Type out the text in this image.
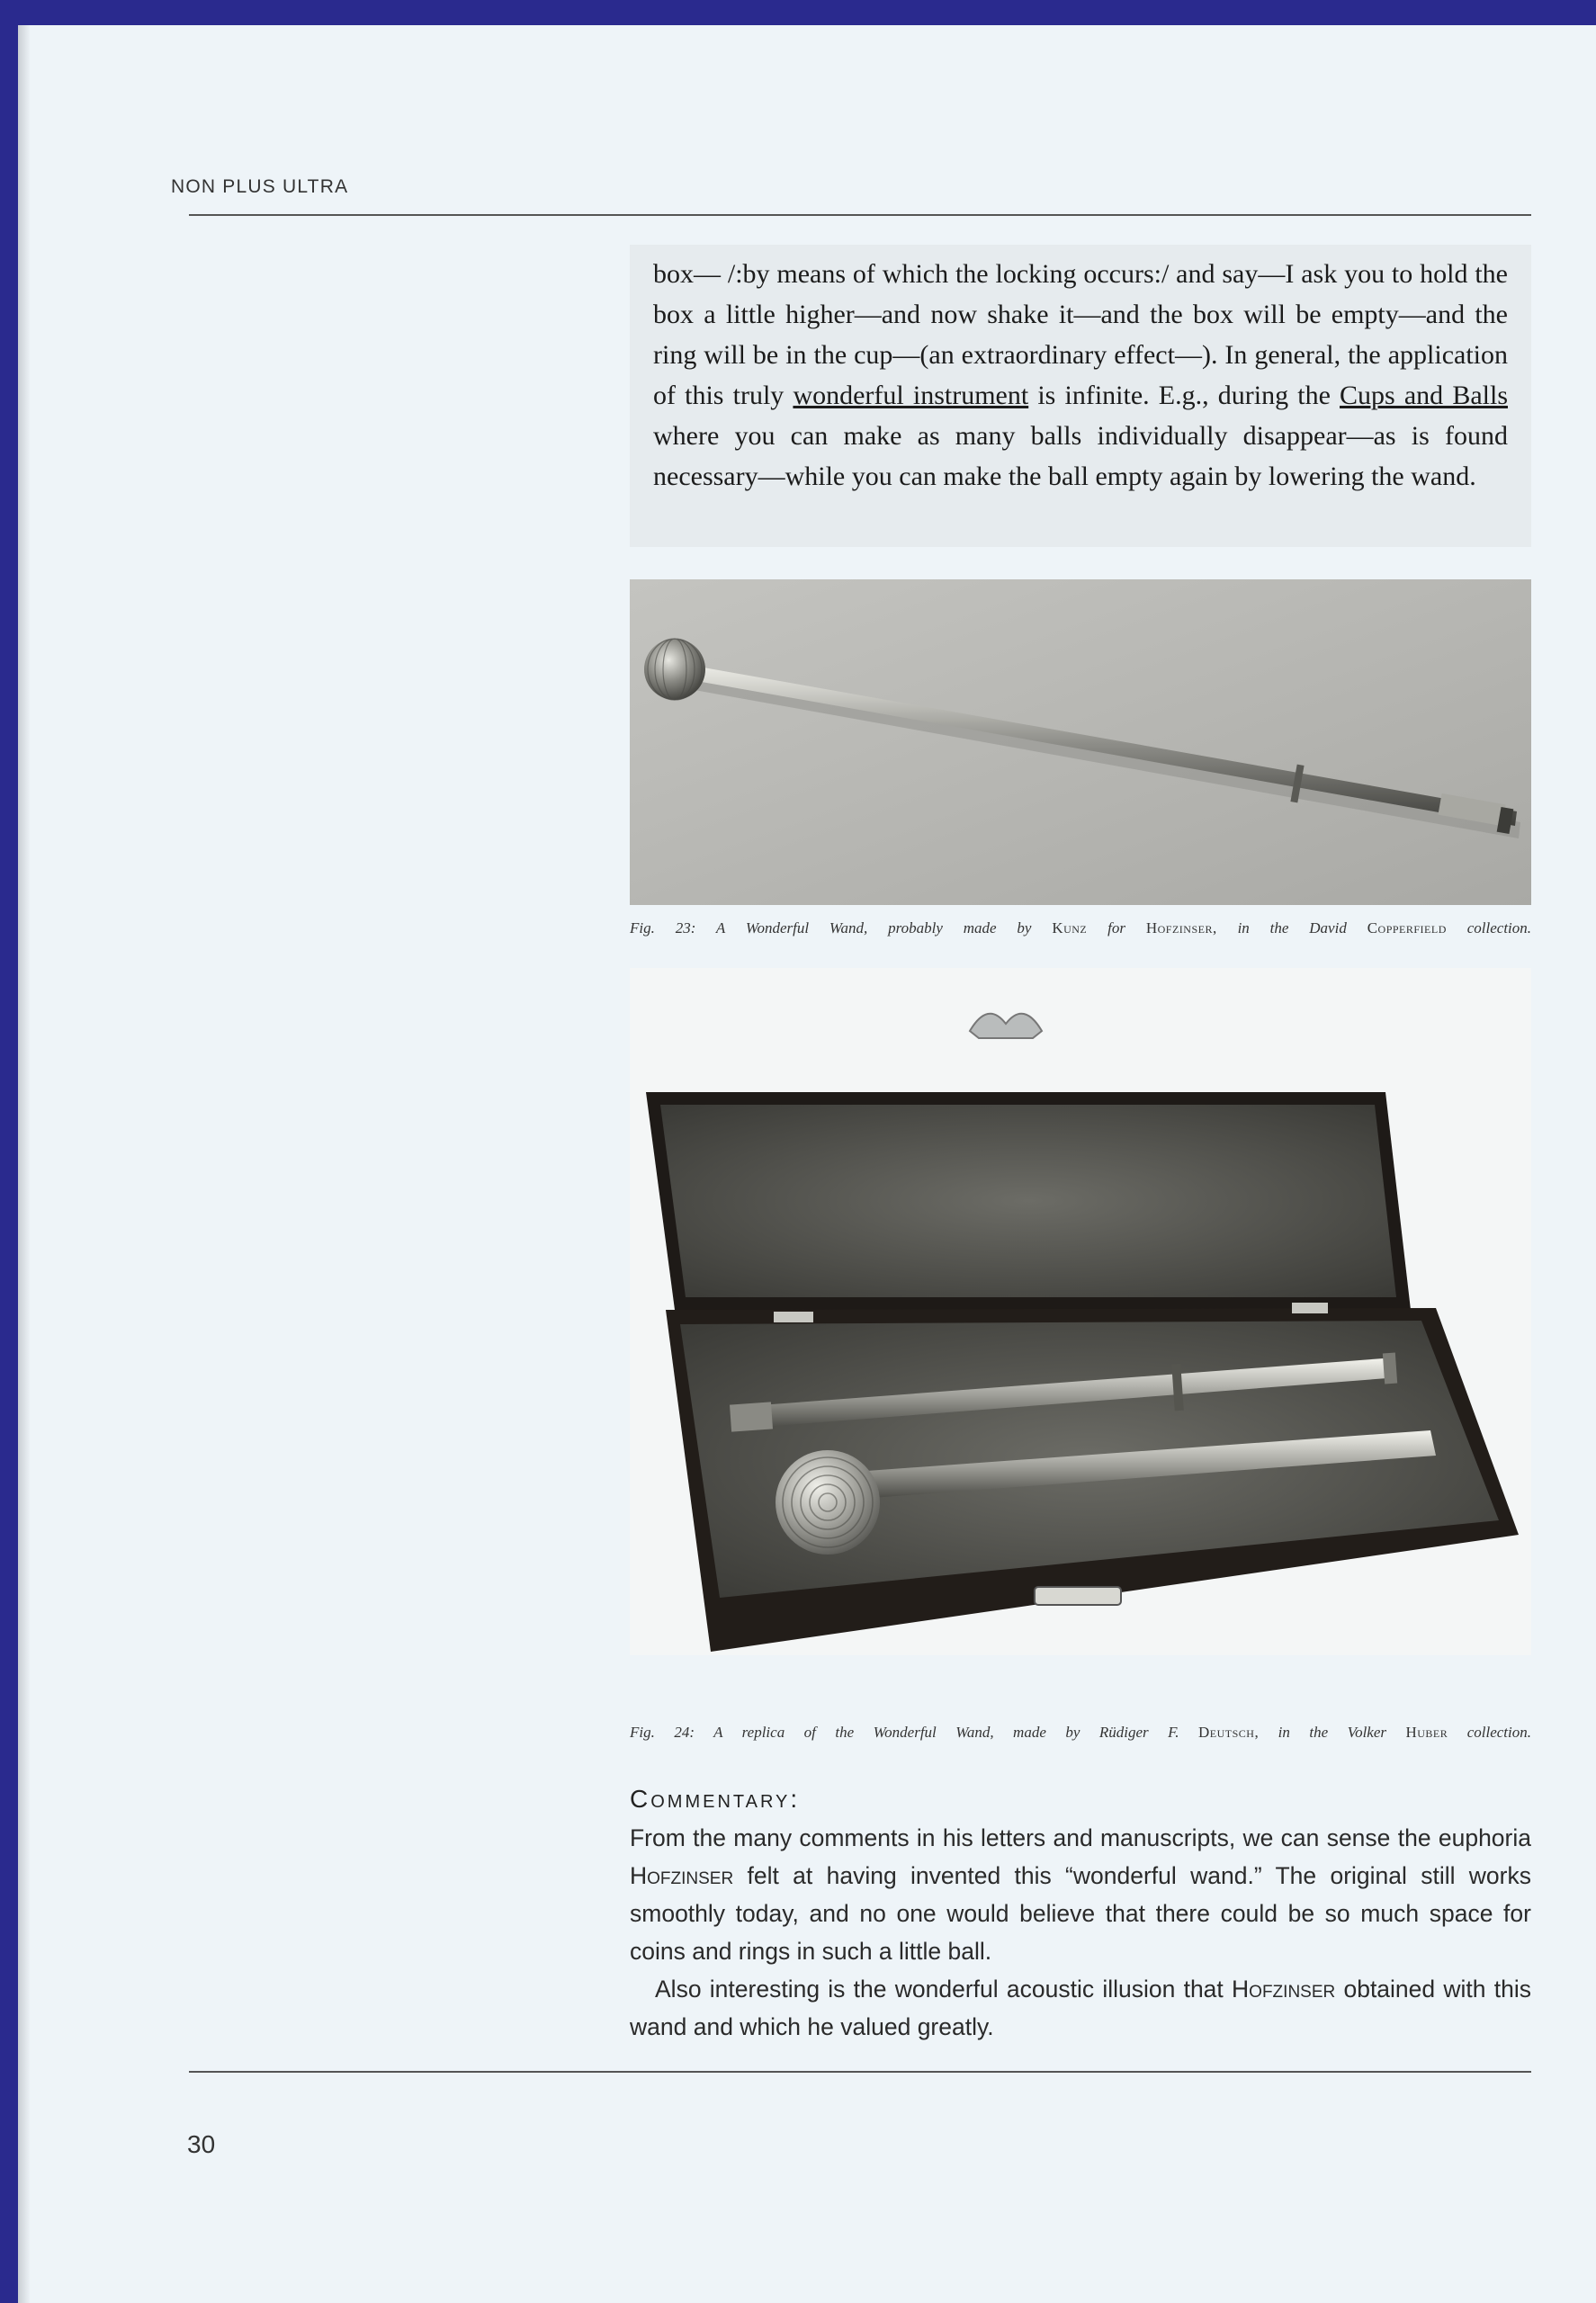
NON PLUS ULTRA

box— /:by means of which the locking occurs:/ and say—I ask you to hold the box a little higher—and now shake it—and the box will be empty—and the ring will be in the cup—(an extraordinary effect—). In general, the application of this truly wonderful instrument is infinite. E.g., during the Cups and Balls where you can make as many balls individually disappear—as is found necessary—while you can make the ball empty again by lowering the wand.

Fig. 23: A Wonderful Wand, probably made by Kunz for Hofzinser, in the David Copperfield collection.
Fig. 24: A replica of the Wonderful Wand, made by Rüdiger F. Deutsch, in the Volker Huber collection.
Commentary:

From the many comments in his letters and manuscripts, we can sense the euphoria Hofzinser felt at having invented this “wonderful wand.” The original still works smoothly today, and no one would believe that there could be so much space for coins and rings in such a little ball.

Also interesting is the wonderful acoustic illusion that Hofzinser obtained with this wand and which he valued greatly.

30
